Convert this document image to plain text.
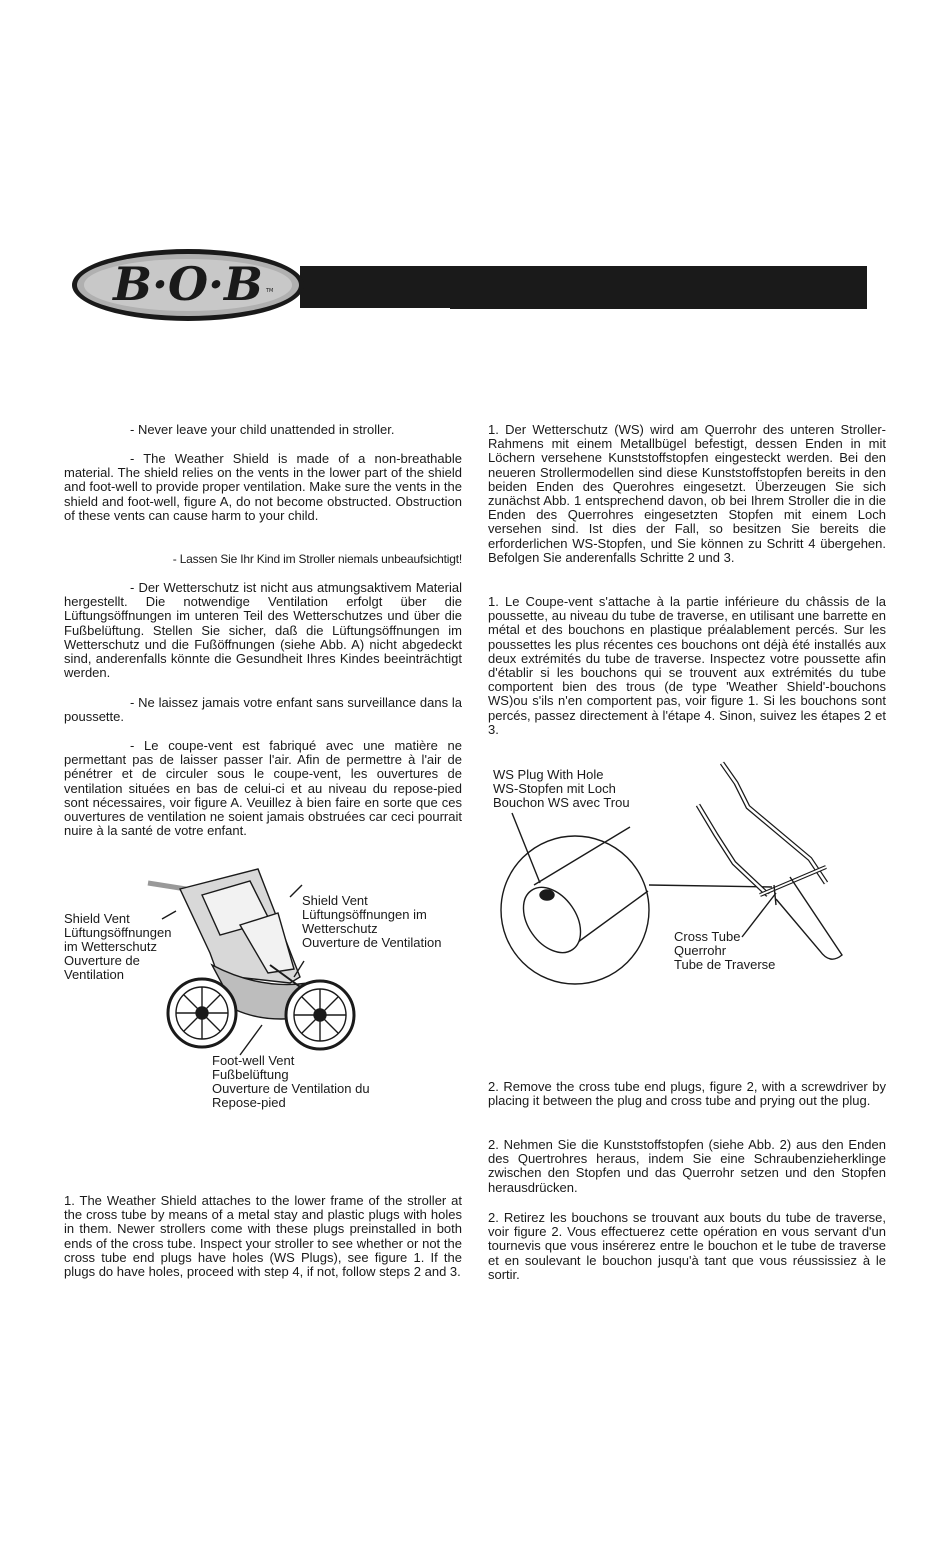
B·O·B TM

- Never leave your child unattended in stroller.

- The Weather Shield is made of a non-breathable material. The shield relies on the vents in the lower part of the shield and foot-well to provide proper ventilation. Make sure the vents in the shield and foot-well, figure A, do not become obstructed. Obstruction of these vents can cause harm to your child.

- Lassen Sie Ihr Kind im Stroller niemals unbeaufsichtigt!

- Der Wetterschutz ist nicht aus atmungsaktivem Material hergestellt. Die notwendige Ventilation erfolgt über die Lüftungsöffnungen im unteren Teil des Wetterschutzes und über die Fußbelüftung. Stellen Sie sicher, daß die Lüftungsöffnungen im Wetterschutz und die Fußöffnungen (siehe Abb. A) nicht abgedeckt sind, anderenfalls könnte die Gesundheit Ihres Kindes beeinträchtigt werden.

- Ne laissez jamais votre enfant sans surveillance dans la poussette.

- Le coupe-vent est fabriqué avec une matière ne permettant pas de laisser passer l'air. Afin de permettre à l'air de pénétrer et de circuler sous le coupe-vent, les ouvertures de ventilation situées en bas de celui-ci et au niveau du repose-pied sont nécessaires, voir figure A. Veuillez à bien faire en sorte que ces ouvertures de ventilation ne soient jamais obstruées car ceci pourrait nuire à la santé de votre enfant.

Shield Vent
Lüftungsöffnungen
im Wetterschutz
Ouverture de
Ventilation
Shield Vent
Lüftungsöffnungen im
Wetterschutz
Ouverture de Ventilation
Foot-well Vent
Fußbelüftung
Ouverture de Ventilation du
Repose-pied

1. The Weather Shield attaches to the lower frame of the stroller at the cross tube by means of a metal stay and plastic plugs with holes in them. Newer strollers come with these plugs preinstalled in both ends of the cross tube. Inspect your stroller to see whether or not the cross tube end plugs have holes (WS Plugs), see figure 1. If the plugs do have holes, proceed with step 4, if not, follow steps 2 and 3.

1. Der Wetterschutz (WS) wird am Querrohr des unteren Stroller-Rahmens mit einem Metallbügel befestigt, dessen Enden in mit Löchern versehene Kunststoffstopfen eingesteckt werden. Bei den neueren Strollermodellen sind diese Kunststoffstopfen bereits in den beiden Enden des Querohres eingesetzt. Überzeugen Sie sich zunächst Abb. 1 entsprechend davon, ob bei Ihrem Stroller die in die Enden des Querrohres eingesetzten Stopfen mit einem Loch versehen sind. Ist dies der Fall, so besitzen Sie bereits die erforderlichen WS-Stopfen, und Sie können zu Schritt 4 übergehen. Befolgen Sie anderenfalls Schritte 2 und 3.

1. Le Coupe-vent s'attache à la partie inférieure du châssis de la poussette, au niveau du tube de traverse, en utilisant une barrette en métal et des bouchons en plastique préalablement percés. Sur les poussettes les plus récentes ces bouchons ont déjà été installés aux deux extrémités du tube de traverse. Inspectez votre poussette afin d'établir si les bouchons qui se trouvent aux extrémités du tube comportent bien des trous (de type 'Weather Shield'-bouchons WS)ou s'ils n'en comportent pas, voir figure 1. Si les bouchons sont percés, passez directement à l'étape 4. Sinon, suivez les étapes 2 et 3.

WS Plug With Hole
WS-Stopfen mit Loch
Bouchon WS avec Trou
Cross Tube
Querrohr
Tube de Traverse

2. Remove the cross tube end plugs, figure 2, with a screwdriver by placing it between the plug and cross tube and prying out the plug.

2. Nehmen Sie die Kunststoffstopfen (siehe Abb. 2) aus den Enden des Quertrohres heraus, indem Sie eine Schraubenzieherklinge zwischen den Stopfen und das Querrohr setzen und den Stopfen herausdrücken.

2. Retirez les bouchons se trouvant aux bouts du tube de traverse, voir figure 2. Vous effectuerez cette opération en vous servant d'un tournevis que vous insérerez entre le bouchon et le tube de traverse et en soulevant le bouchon jusqu'à tant que vous réussissiez à le sortir.
